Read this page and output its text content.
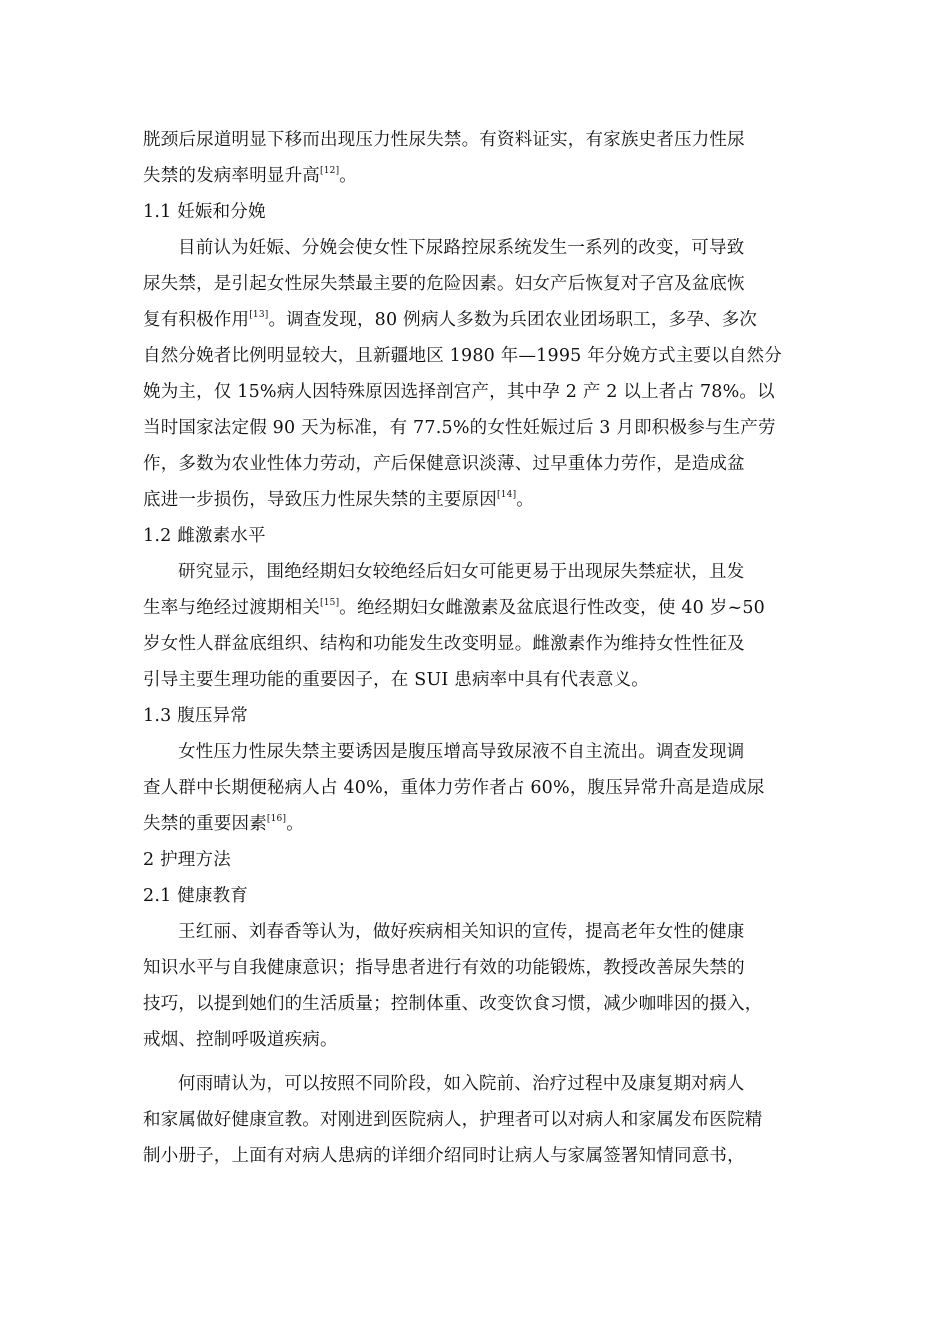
胱颈后尿道明显下移而出现压力性尿失禁。有资料证实，有家族史者压力性尿
失禁的发病率明显升高[12]。
1.1 妊娠和分娩
目前认为妊娠、分娩会使女性下尿路控尿系统发生一系列的改变，可导致
尿失禁，是引起女性尿失禁最主要的危险因素。妇女产后恢复对子宫及盆底恢
复有积极作用[13]。调查发现，80 例病人多数为兵团农业团场职工，多孕、多次
自然分娩者比例明显较大，且新疆地区 1980 年—1995 年分娩方式主要以自然分
娩为主，仅 15%病人因特殊原因选择剖宫产，其中孕 2 产 2 以上者占 78%。以
当时国家法定假 90 天为标准，有 77.5%的女性妊娠过后 3 月即积极参与生产劳
作，多数为农业性体力劳动，产后保健意识淡薄、过早重体力劳作，是造成盆
底进一步损伤，导致压力性尿失禁的主要原因[14]。
1.2 雌激素水平
研究显示，围绝经期妇女较绝经后妇女可能更易于出现尿失禁症状，且发
生率与绝经过渡期相关[15]。绝经期妇女雌激素及盆底退行性改变，使 40 岁~50
岁女性人群盆底组织、结构和功能发生改变明显。雌激素作为维持女性性征及
引导主要生理功能的重要因子，在 SUI 患病率中具有代表意义。
1.3 腹压异常
女性压力性尿失禁主要诱因是腹压增高导致尿液不自主流出。调查发现调
查人群中长期便秘病人占 40%，重体力劳作者占 60%，腹压异常升高是造成尿
失禁的重要因素[16]。
2 护理方法
2.1 健康教育
王红丽、刘春香等认为，做好疾病相关知识的宣传，提高老年女性的健康
知识水平与自我健康意识；指导患者进行有效的功能锻炼，教授改善尿失禁的
技巧，以提到她们的生活质量；控制体重、改变饮食习惯，减少咖啡因的摄入，
戒烟、控制呼吸道疾病。
何雨晴认为，可以按照不同阶段，如入院前、治疗过程中及康复期对病人
和家属做好健康宣教。对刚进到医院病人，护理者可以对病人和家属发布医院精
制小册子，上面有对病人患病的详细介绍同时让病人与家属签署知情同意书，
